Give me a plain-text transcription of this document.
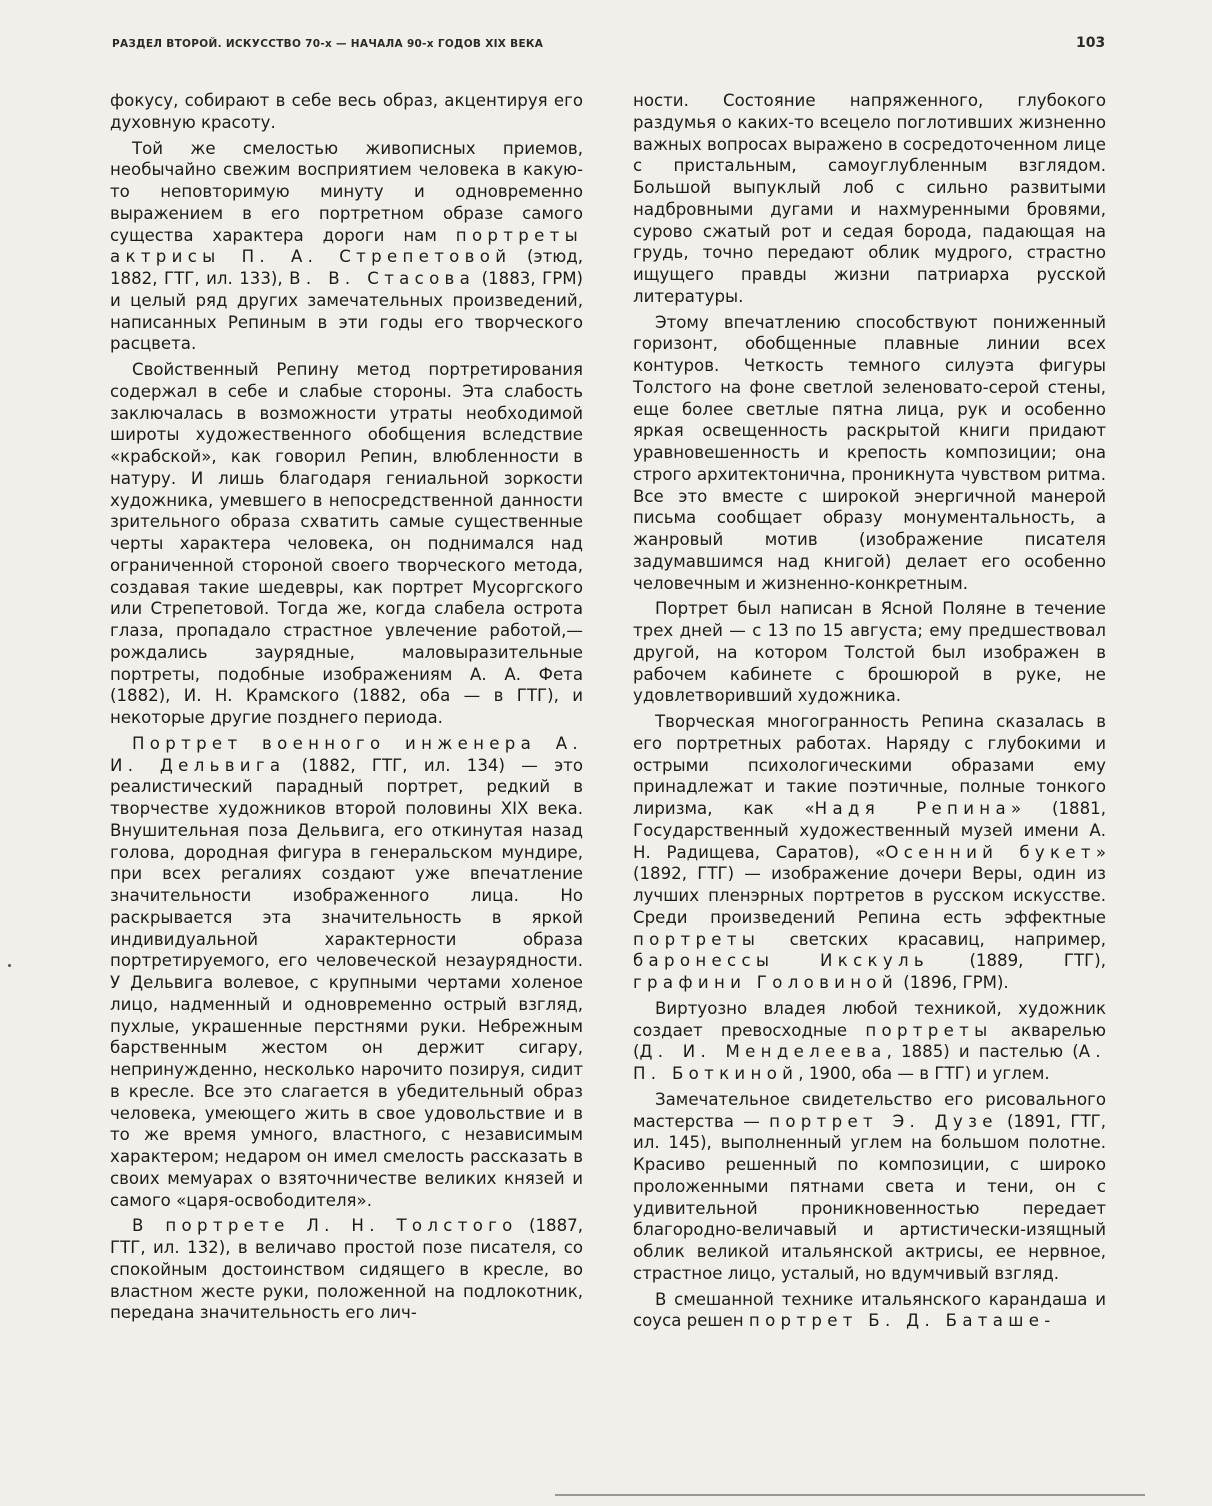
РАЗДЕЛ ВТОРОЙ. ИСКУССТВО 70-х — НАЧАЛА 90-х ГОДОВ XIX ВЕКА	103

фокусу, собирают в себе весь образ, акцентируя его духовную красоту.

Той же смелостью живописных приемов, необычайно свежим восприятием человека в какую-то неповторимую минуту и одновременно выражением в его портретном образе самого существа характера дороги нам портреты актрисы П. А. Стрепетовой (этюд, 1882, ГТГ, ил. 133), В. В. Стасова (1883, ГРМ) и целый ряд других замечательных произведений, написанных Репиным в эти годы его творческого расцвета.

Свойственный Репину метод портретирования содержал в себе и слабые стороны. Эта слабость заключалась в возможности утраты необходимой широты художественного обобщения вследствие «крабской», как говорил Репин, влюбленности в натуру. И лишь благодаря гениальной зоркости художника, умевшего в непосредственной данности зрительного образа схватить самые существенные черты характера человека, он поднимался над ограниченной стороной своего творческого метода, создавая такие шедевры, как портрет Мусоргского или Стрепетовой. Тогда же, когда слабела острота глаза, пропадало страстное увлечение работой,— рождались заурядные, маловыразительные портреты, подобные изображениям А. А. Фета (1882), И. Н. Крамского (1882, оба — в ГТГ), и некоторые другие позднего периода.

Портрет военного инженера А. И. Дельвига (1882, ГТГ, ил. 134) — это реалистический парадный портрет, редкий в творчестве художников второй половины XIX века. Внушительная поза Дельвига, его откинутая назад голова, дородная фигура в генеральском мундире, при всех регалиях создают уже впечатление значительности изображенного лица. Но раскрывается эта значительность в яркой индивидуальной характерности образа портретируемого, его человеческой незаурядности. У Дельвига волевое, с крупными чертами холеное лицо, надменный и одновременно острый взгляд, пухлые, украшенные перстнями руки. Небрежным барственным жестом он держит сигару, непринужденно, несколько нарочито позируя, сидит в кресле. Все это слагается в убедительный образ человека, умеющего жить в свое удовольствие и в то же время умного, властного, с независимым характером; недаром он имел смелость рассказать в своих мемуарах о взяточничестве великих князей и самого «царя-освободителя».

В портрете Л. Н. Толстого (1887, ГТГ, ил. 132), в величаво простой позе писателя, со спокойным достоинством сидящего в кресле, во властном жесте руки, положенной на подлокотник, передана значительность его лич-

ности. Состояние напряженного, глубокого раздумья о каких-то всецело поглотивших жизненно важных вопросах выражено в сосредоточенном лице с пристальным, самоуглубленным взглядом. Большой выпуклый лоб с сильно развитыми надбровными дугами и нахмуренными бровями, сурово сжатый рот и седая борода, падающая на грудь, точно передают облик мудрого, страстно ищущего правды жизни патриарха русской литературы.

Этому впечатлению способствуют пониженный горизонт, обобщенные плавные линии всех контуров. Четкость темного силуэта фигуры Толстого на фоне светлой зеленовато-серой стены, еще более светлые пятна лица, рук и особенно яркая освещенность раскрытой книги придают уравновешенность и крепость композиции; она строго архитектонична, проникнута чувством ритма. Все это вместе с широкой энергичной манерой письма сообщает образу монументальность, а жанровый мотив (изображение писателя задумавшимся над книгой) делает его особенно человечным и жизненно-конкретным.

Портрет был написан в Ясной Поляне в течение трех дней — с 13 по 15 августа; ему предшествовал другой, на котором Толстой был изображен в рабочем кабинете с брошюрой в руке, не удовлетворивший художника.

Творческая многогранность Репина сказалась в его портретных работах. Наряду с глубокими и острыми психологическими образами ему принадлежат и такие поэтичные, полные тонкого лиризма, как «Надя Репина» (1881, Государственный художественный музей имени А. Н. Радищева, Саратов), «Осенний букет» (1892, ГТГ) — изображение дочери Веры, один из лучших пленэрных портретов в русском искусстве. Среди произведений Репина есть эффектные портреты светских красавиц, например, баронессы Икскуль (1889, ГТГ), графини Головиной (1896, ГРМ).

Виртуозно владея любой техникой, художник создает превосходные портреты акварелью (Д. И. Менделеева, 1885) и пастелью (А. П. Боткиной, 1900, оба — в ГТГ) и углем.

Замечательное свидетельство его рисовального мастерства — портрет Э. Дузе (1891, ГТГ, ил. 145), выполненный углем на большом полотне. Красиво решенный по композиции, с широко проложенными пятнами света и тени, он с удивительной проникновенностью передает благородно-величавый и артистически-изящный облик великой итальянской актрисы, ее нервное, страстное лицо, усталый, но вдумчивый взгляд.

В смешанной технике итальянского карандаша и соуса решен портрет Б. Д. Баташе-
